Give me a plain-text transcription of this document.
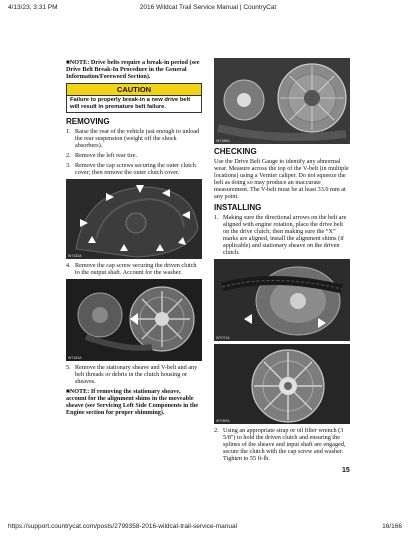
4/13/23, 3:31 PM	2016 Wildcat Trail Service Manual | CountryCat

■NOTE: Drive belts require a break-in period (see Drive Belt Break-In Procedure in the General Information/Foreword Section).

CAUTION
Failure to properly break-in a new drive belt will result in premature belt failure.
REMOVING
1. Raise the rear of the vehicle just enough to unload the rear suspension (weight off the shock absorbers).
2. Remove the left rear tire.
3. Remove the cap screws securing the outer clutch cover; then remove the outer clutch cover.
WT182A
4. Remove the cap screw securing the driven clutch to the output shaft. Account for the washer.
WT183A
5. Remove the stationary sheave and V-belt and any belt threads or debris in the clutch housing or sheaves.

■NOTE: If removing the stationary sheave, account for the alignment shims in the moveable sheave (see Servicing Left Side Components in the Engine section for proper shimming).

WT186A
CHECKING

Use the Drive Belt Gauge to identify any abnormal wear. Measure across the top of the V-belt (in multiple locations) using a Vernier caliper. Do not squeeze the belt as doing so may produce an inaccurate measurement. The V-belt must be at least 33.0 mm at any point.

INSTALLING
1. Making sure the directional arrows on the belt are aligned with engine rotation, place the drive belt on the drive clutch; then making sure the “X” marks are aligned, install the alignment shims (if applicable) and stationary sheave on the driven clutch.
WT071A
WT059A
2. Using an appropriate strap or oil filter wrench (3 5/8") to hold the driven clutch and ensuring the splines of the sheave and input shaft are engaged, secure the clutch with the cap screw and washer. Tighten to 55 ft-lb.
15
https://support.countrycat.com/posts/2799358-2016-wildcat-trail-service-manual	16/166
